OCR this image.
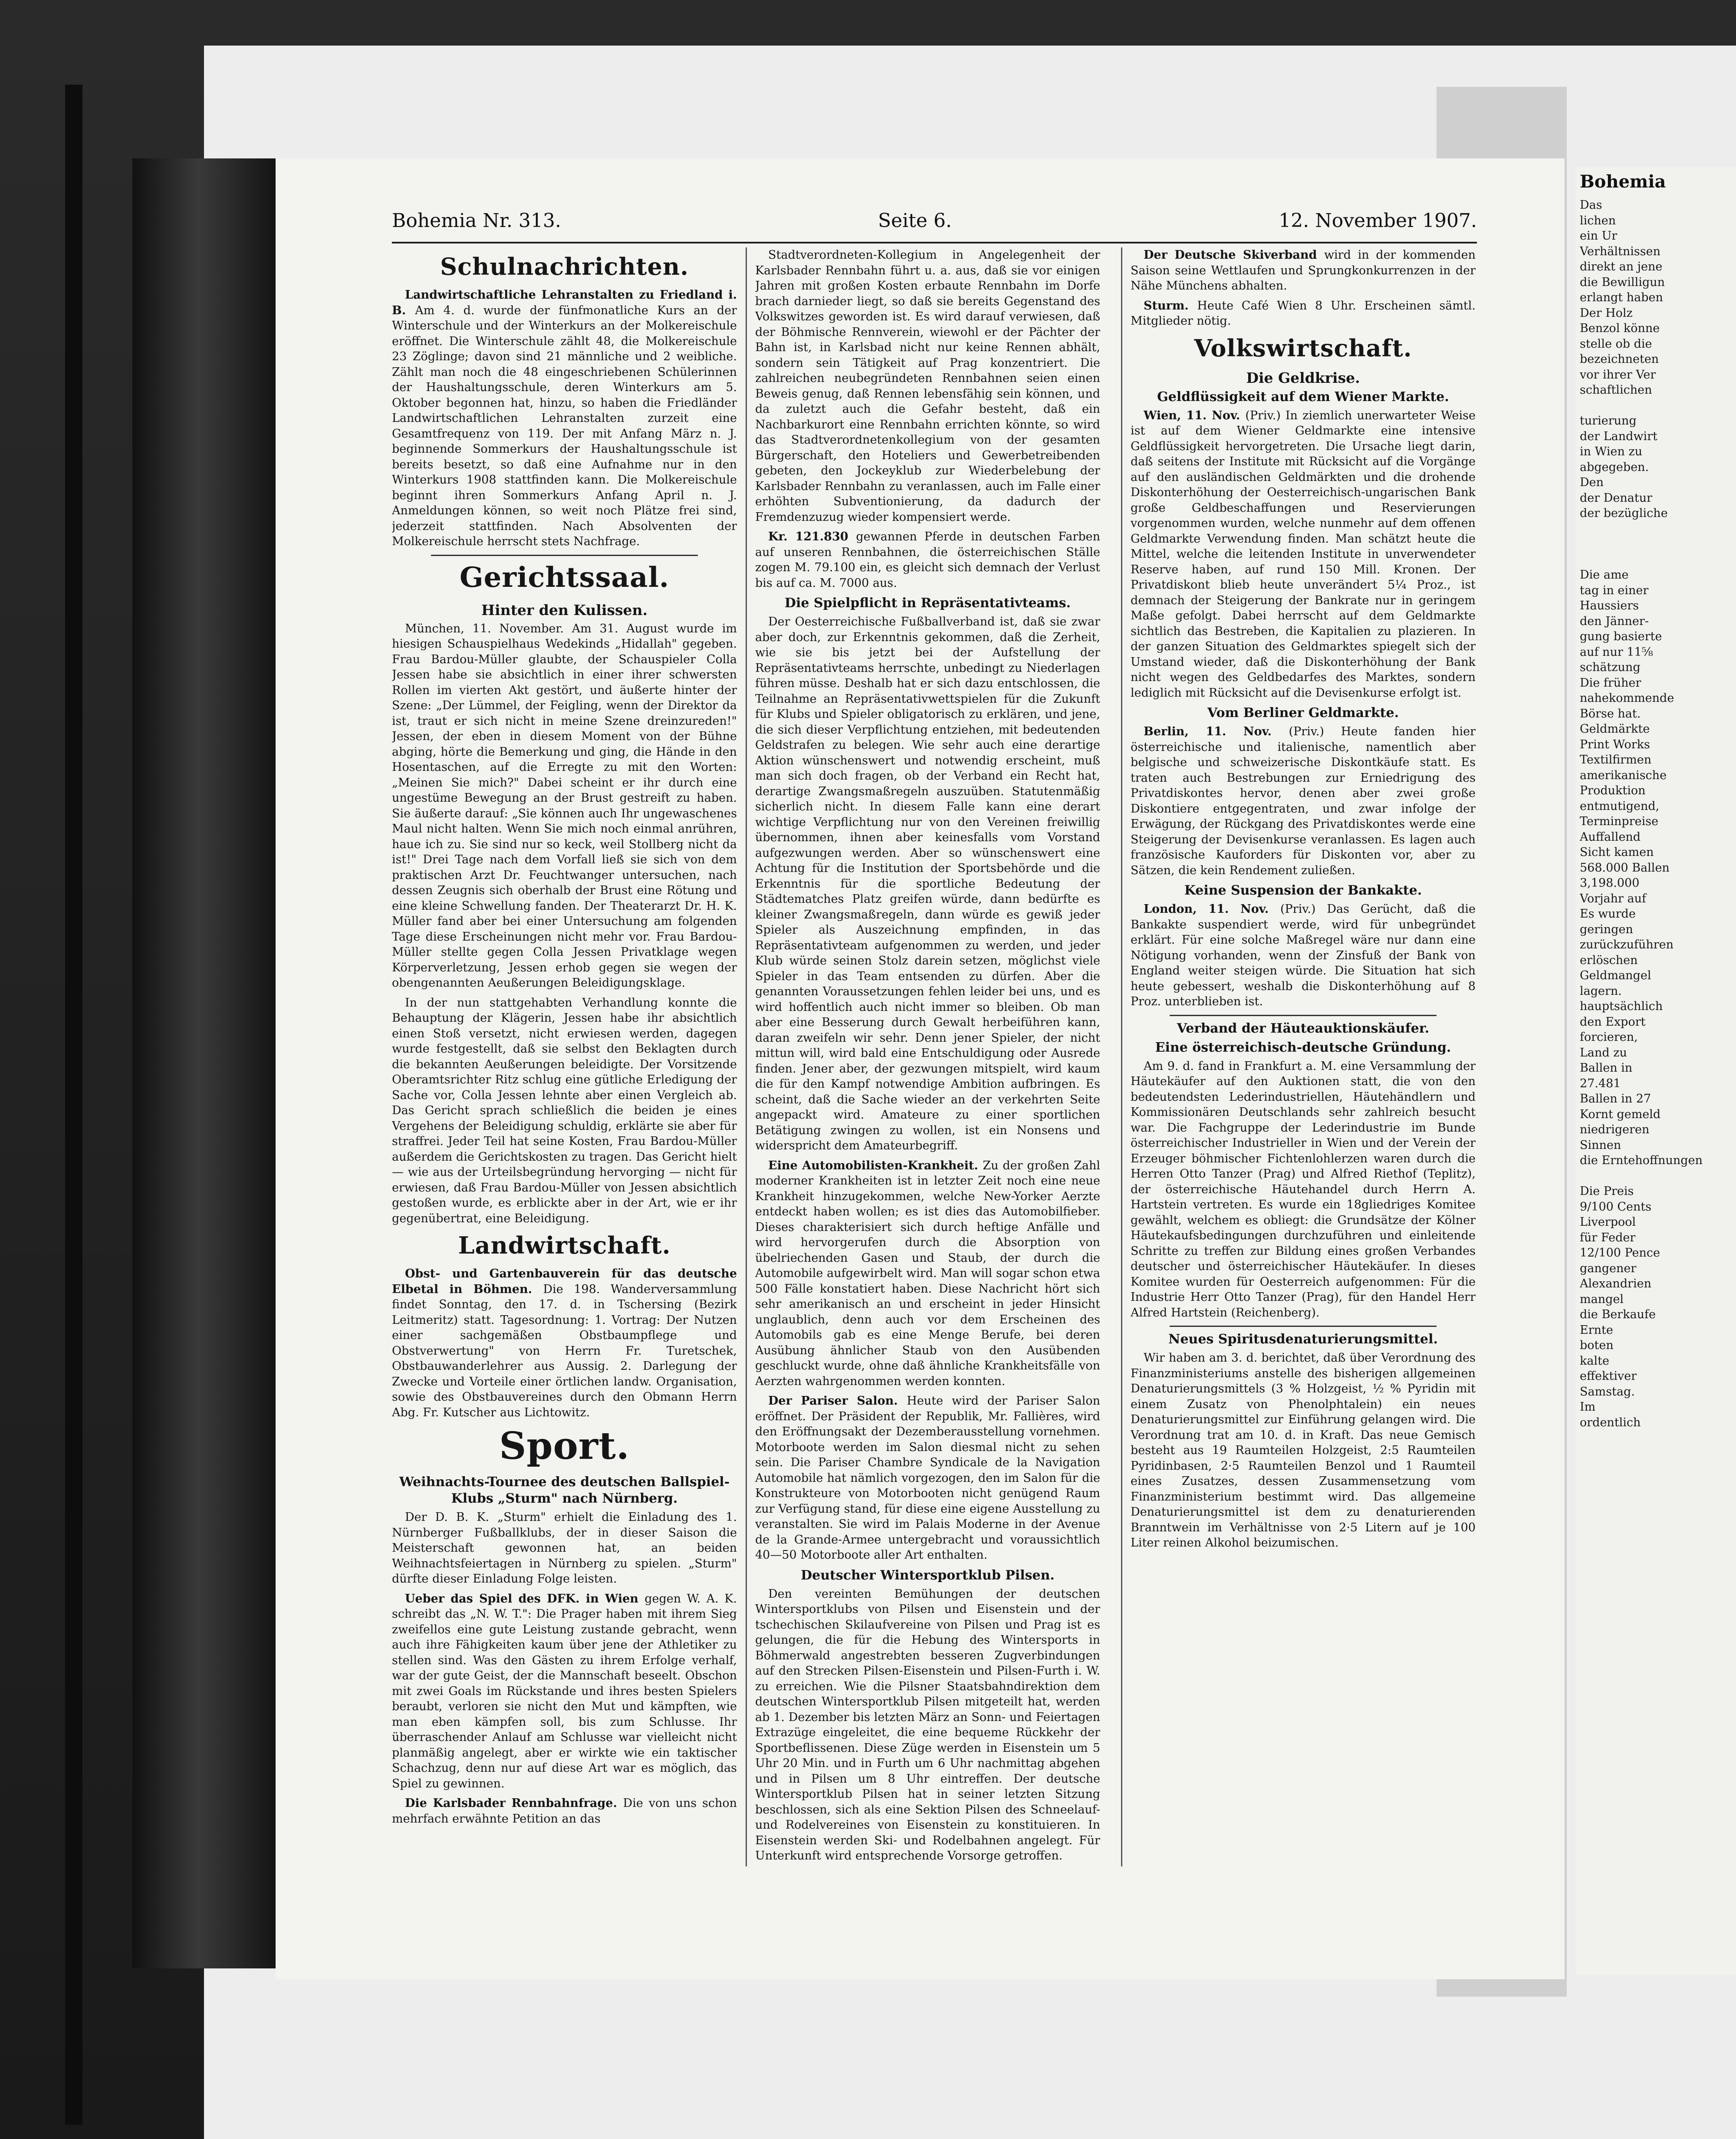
Bohemia Nr. 313.	Seite 6.	12. November 1907.
Schulnachrichten.

Landwirtschaftliche Lehranstalten zu Friedland i. B. Am 4. d. wurde der fünfmonatliche Kurs an der Winterschule und der Winterkurs an der Molkereischule eröffnet. Die Winterschule zählt 48, die Molkereischule 23 Zöglinge; davon sind 21 männliche und 2 weibliche. Zählt man noch die 48 eingeschriebenen Schülerinnen der Haushaltungsschule, deren Winterkurs am 5. Oktober begonnen hat, hinzu, so haben die Friedländer Landwirtschaftlichen Lehranstalten zurzeit eine Gesamtfrequenz von 119. Der mit Anfang März n. J. beginnende Sommerkurs der Haushaltungsschule ist bereits besetzt, so daß eine Aufnahme nur in den Winterkurs 1908 stattfinden kann. Die Molkereischule beginnt ihren Sommerkurs Anfang April n. J. Anmeldungen können, so weit noch Plätze frei sind, jederzeit stattfinden. Nach Absolventen der Molkereischule herrscht stets Nachfrage.

Gerichtssaal.
Hinter den Kulissen.

München, 11. November. Am 31. August wurde im hiesigen Schauspielhaus Wedekinds „Hidallah" gegeben. Frau Bardou-Müller glaubte, der Schauspieler Colla Jessen habe sie absichtlich in einer ihrer schwersten Rollen im vierten Akt gestört, und äußerte hinter der Szene: „Der Lümmel, der Feigling, wenn der Direktor da ist, traut er sich nicht in meine Szene dreinzureden!" Jessen, der eben in diesem Moment von der Bühne abging, hörte die Bemerkung und ging, die Hände in den Hosentaschen, auf die Erregte zu mit den Worten: „Meinen Sie mich?" Dabei scheint er ihr durch eine ungestüme Bewegung an der Brust gestreift zu haben. Sie äußerte darauf: „Sie können auch Ihr ungewaschenes Maul nicht halten. Wenn Sie mich noch einmal anrühren, haue ich zu. Sie sind nur so keck, weil Stollberg nicht da ist!" Drei Tage nach dem Vorfall ließ sie sich von dem praktischen Arzt Dr. Feuchtwanger untersuchen, nach dessen Zeugnis sich oberhalb der Brust eine Rötung und eine kleine Schwellung fanden. Der Theaterarzt Dr. H. K. Müller fand aber bei einer Untersuchung am folgenden Tage diese Erscheinungen nicht mehr vor. Frau Bardou-Müller stellte gegen Colla Jessen Privatklage wegen Körperverletzung, Jessen erhob gegen sie wegen der obengenannten Aeußerungen Beleidigungsklage.

In der nun stattgehabten Verhandlung konnte die Behauptung der Klägerin, Jessen habe ihr absichtlich einen Stoß versetzt, nicht erwiesen werden, dagegen wurde festgestellt, daß sie selbst den Beklagten durch die bekannten Aeußerungen beleidigte. Der Vorsitzende Oberamtsrichter Ritz schlug eine gütliche Erledigung der Sache vor, Colla Jessen lehnte aber einen Vergleich ab. Das Gericht sprach schließlich die beiden je eines Vergehens der Beleidigung schuldig, erklärte sie aber für straffrei. Jeder Teil hat seine Kosten, Frau Bardou-Müller außerdem die Gerichtskosten zu tragen. Das Gericht hielt — wie aus der Urteilsbegründung hervorging — nicht für erwiesen, daß Frau Bardou-Müller von Jessen absichtlich gestoßen wurde, es erblickte aber in der Art, wie er ihr gegenübertrat, eine Beleidigung.

Landwirtschaft.

Obst- und Gartenbauverein für das deutsche Elbetal in Böhmen. Die 198. Wanderversammlung findet Sonntag, den 17. d. in Tschersing (Bezirk Leitmeritz) statt. Tagesordnung: 1. Vortrag: Der Nutzen einer sachgemäßen Obstbaumpflege und Obstverwertung" von Herrn Fr. Turetschek, Obstbauwanderlehrer aus Aussig. 2. Darlegung der Zwecke und Vorteile einer örtlichen landw. Organisation, sowie des Obstbauvereines durch den Obmann Herrn Abg. Fr. Kutscher aus Lichtowitz.

Sport.
Weihnachts-Tournee des deutschen Ballspiel-Klubs „Sturm" nach Nürnberg.

Der D. B. K. „Sturm" erhielt die Einladung des 1. Nürnberger Fußballklubs, der in dieser Saison die Meisterschaft gewonnen hat, an beiden Weihnachtsfeiertagen in Nürnberg zu spielen. „Sturm" dürfte dieser Einladung Folge leisten.

Ueber das Spiel des DFK. in Wien gegen W. A. K. schreibt das „N. W. T.": Die Prager haben mit ihrem Sieg zweifellos eine gute Leistung zustande gebracht, wenn auch ihre Fähigkeiten kaum über jene der Athletiker zu stellen sind. Was den Gästen zu ihrem Erfolge verhalf, war der gute Geist, der die Mannschaft beseelt. Obschon mit zwei Goals im Rückstande und ihres besten Spielers beraubt, verloren sie nicht den Mut und kämpften, wie man eben kämpfen soll, bis zum Schlusse. Ihr überraschender Anlauf am Schlusse war vielleicht nicht planmäßig angelegt, aber er wirkte wie ein taktischer Schachzug, denn nur auf diese Art war es möglich, das Spiel zu gewinnen.

Die Karlsbader Rennbahnfrage. Die von uns schon mehrfach erwähnte Petition an das

Stadtverordneten-Kollegium in Angelegenheit der Karlsbader Rennbahn führt u. a. aus, daß sie vor einigen Jahren mit großen Kosten erbaute Rennbahn im Dorfe brach darnieder liegt, so daß sie bereits Gegenstand des Volkswitzes geworden ist. Es wird darauf verwiesen, daß der Böhmische Rennverein, wiewohl er der Pächter der Bahn ist, in Karlsbad nicht nur keine Rennen abhält, sondern sein Tätigkeit auf Prag konzentriert. Die zahlreichen neubegründeten Rennbahnen seien einen Beweis genug, daß Rennen lebensfähig sein können, und da zuletzt auch die Gefahr besteht, daß ein Nachbarkurort eine Rennbahn errichten könnte, so wird das Stadtverordnetenkollegium von der gesamten Bürgerschaft, den Hoteliers und Gewerbetreibenden gebeten, den Jockeyklub zur Wiederbelebung der Karlsbader Rennbahn zu veranlassen, auch im Falle einer erhöhten Subventionierung, da dadurch der Fremdenzuzug wieder kompensiert werde.

Kr. 121.830 gewannen Pferde in deutschen Farben auf unseren Rennbahnen, die österreichischen Ställe zogen M. 79.100 ein, es gleicht sich demnach der Verlust bis auf ca. M. 7000 aus.

Die Spielpflicht in Repräsentativteams.

Der Oesterreichische Fußballverband ist, daß sie zwar aber doch, zur Erkenntnis gekommen, daß die Zerheit, wie sie bis jetzt bei der Aufstellung der Repräsentativteams herrschte, unbedingt zu Niederlagen führen müsse. Deshalb hat er sich dazu entschlossen, die Teilnahme an Repräsentativwettspielen für die Zukunft für Klubs und Spieler obligatorisch zu erklären, und jene, die sich dieser Verpflichtung entziehen, mit bedeutenden Geldstrafen zu belegen. Wie sehr auch eine derartige Aktion wünschenswert und notwendig erscheint, muß man sich doch fragen, ob der Verband ein Recht hat, derartige Zwangsmaßregeln auszuüben. Statutenmäßig sicherlich nicht. In diesem Falle kann eine derart wichtige Verpflichtung nur von den Vereinen freiwillig übernommen, ihnen aber keinesfalls vom Vorstand aufgezwungen werden. Aber so wünschenswert eine Achtung für die Institution der Sportsbehörde und die Erkenntnis für die sportliche Bedeutung der Städtematches Platz greifen würde, dann bedürfte es kleiner Zwangsmaßregeln, dann würde es gewiß jeder Spieler als Auszeichnung empfinden, in das Repräsentativteam aufgenommen zu werden, und jeder Klub würde seinen Stolz darein setzen, möglichst viele Spieler in das Team entsenden zu dürfen. Aber die genannten Voraussetzungen fehlen leider bei uns, und es wird hoffentlich auch nicht immer so bleiben. Ob man aber eine Besserung durch Gewalt herbeiführen kann, daran zweifeln wir sehr. Denn jener Spieler, der nicht mittun will, wird bald eine Entschuldigung oder Ausrede finden. Jener aber, der gezwungen mitspielt, wird kaum die für den Kampf notwendige Ambition aufbringen. Es scheint, daß die Sache wieder an der verkehrten Seite angepackt wird. Amateure zu einer sportlichen Betätigung zwingen zu wollen, ist ein Nonsens und widerspricht dem Amateurbegriff.

Eine Automobilisten-Krankheit. Zu der großen Zahl moderner Krankheiten ist in letzter Zeit noch eine neue Krankheit hinzugekommen, welche New-Yorker Aerzte entdeckt haben wollen; es ist dies das Automobilfieber. Dieses charakterisiert sich durch heftige Anfälle und wird hervorgerufen durch die Absorption von übelriechenden Gasen und Staub, der durch die Automobile aufgewirbelt wird. Man will sogar schon etwa 500 Fälle konstatiert haben. Diese Nachricht hört sich sehr amerikanisch an und erscheint in jeder Hinsicht unglaublich, denn auch vor dem Erscheinen des Automobils gab es eine Menge Berufe, bei deren Ausübung ähnlicher Staub von den Ausübenden geschluckt wurde, ohne daß ähnliche Krankheitsfälle von Aerzten wahrgenommen werden konnten.

Der Pariser Salon. Heute wird der Pariser Salon eröffnet. Der Präsident der Republik, Mr. Fallières, wird den Eröffnungsakt der Dezemberausstellung vornehmen. Motorboote werden im Salon diesmal nicht zu sehen sein. Die Pariser Chambre Syndicale de la Navigation Automobile hat nämlich vorgezogen, den im Salon für die Konstrukteure von Motorbooten nicht genügend Raum zur Verfügung stand, für diese eine eigene Ausstellung zu veranstalten. Sie wird im Palais Moderne in der Avenue de la Grande-Armee untergebracht und voraussichtlich 40—50 Motorboote aller Art enthalten.

Deutscher Wintersportklub Pilsen.

Den vereinten Bemühungen der deutschen Wintersportklubs von Pilsen und Eisenstein und der tschechischen Skilaufvereine von Pilsen und Prag ist es gelungen, die für die Hebung des Wintersports in Böhmerwald angestrebten besseren Zugverbindungen auf den Strecken Pilsen-Eisenstein und Pilsen-Furth i. W. zu erreichen. Wie die Pilsner Staatsbahndirektion dem deutschen Wintersportklub Pilsen mitgeteilt hat, werden ab 1. Dezember bis letzten März an Sonn- und Feiertagen Extrazüge eingeleitet, die eine bequeme Rückkehr der Sportbeflissenen. Diese Züge werden in Eisenstein um 5 Uhr 20 Min. und in Furth um 6 Uhr nachmittag abgehen und in Pilsen um 8 Uhr eintreffen. Der deutsche Wintersportklub Pilsen hat in seiner letzten Sitzung beschlossen, sich als eine Sektion Pilsen des Schneelauf- und Rodelvereines von Eisenstein zu konstituieren. In Eisenstein werden Ski- und Rodelbahnen angelegt. Für Unterkunft wird entsprechende Vorsorge getroffen.

Der Deutsche Skiverband wird in der kommenden Saison seine Wettlaufen und Sprungkonkurrenzen in der Nähe Münchens abhalten.

Sturm. Heute Café Wien 8 Uhr. Erscheinen sämtl. Mitglieder nötig.

Volkswirtschaft.
Die Geldkrise.
Geldflüssigkeit auf dem Wiener Markte.

Wien, 11. Nov. (Priv.) In ziemlich unerwarteter Weise ist auf dem Wiener Geldmarkte eine intensive Geldflüssigkeit hervorgetreten. Die Ursache liegt darin, daß seitens der Institute mit Rücksicht auf die Vorgänge auf den ausländischen Geldmärkten und die drohende Diskonterhöhung der Oesterreichisch-ungarischen Bank große Geldbeschaffungen und Reservierungen vorgenommen wurden, welche nunmehr auf dem offenen Geldmarkte Verwendung finden. Man schätzt heute die Mittel, welche die leitenden Institute in unverwendeter Reserve haben, auf rund 150 Mill. Kronen. Der Privatdiskont blieb heute unverändert 5¼ Proz., ist demnach der Steigerung der Bankrate nur in geringem Maße gefolgt. Dabei herrscht auf dem Geldmarkte sichtlich das Bestreben, die Kapitalien zu plazieren. In der ganzen Situation des Geldmarktes spiegelt sich der Umstand wieder, daß die Diskonterhöhung der Bank nicht wegen des Geldbedarfes des Marktes, sondern lediglich mit Rücksicht auf die Devisenkurse erfolgt ist.

Vom Berliner Geldmarkte.

Berlin, 11. Nov. (Priv.) Heute fanden hier österreichische und italienische, namentlich aber belgische und schweizerische Diskontkäufe statt. Es traten auch Bestrebungen zur Erniedrigung des Privatdiskontes hervor, denen aber zwei große Diskontiere entgegentraten, und zwar infolge der Erwägung, der Rückgang des Privatdiskontes werde eine Steigerung der Devisenkurse veranlassen. Es lagen auch französische Kauforders für Diskonten vor, aber zu Sätzen, die kein Rendement zuließen.

Keine Suspension der Bankakte.

London, 11. Nov. (Priv.) Das Gerücht, daß die Bankakte suspendiert werde, wird für unbegründet erklärt. Für eine solche Maßregel wäre nur dann eine Nötigung vorhanden, wenn der Zinsfuß der Bank von England weiter steigen würde. Die Situation hat sich heute gebessert, weshalb die Diskonterhöhung auf 8 Proz. unterblieben ist.

Verband der Häuteauktionskäufer.
Eine österreichisch-deutsche Gründung.

Am 9. d. fand in Frankfurt a. M. eine Versammlung der Häutekäufer auf den Auktionen statt, die von den bedeutendsten Lederindustriellen, Häutehändlern und Kommissionären Deutschlands sehr zahlreich besucht war. Die Fachgruppe der Lederindustrie im Bunde österreichischer Industrieller in Wien und der Verein der Erzeuger böhmischer Fichtenlohlerzen waren durch die Herren Otto Tanzer (Prag) und Alfred Riethof (Teplitz), der österreichische Häutehandel durch Herrn A. Hartstein vertreten. Es wurde ein 18gliedriges Komitee gewählt, welchem es obliegt: die Grundsätze der Kölner Häutekaufsbedingungen durchzuführen und einleitende Schritte zu treffen zur Bildung eines großen Verbandes deutscher und österreichischer Häutekäufer. In dieses Komitee wurden für Oesterreich aufgenommen: Für die Industrie Herr Otto Tanzer (Prag), für den Handel Herr Alfred Hartstein (Reichenberg).

Neues Spiritusdenaturierungsmittel.

Wir haben am 3. d. berichtet, daß über Verordnung des Finanzministeriums anstelle des bisherigen allgemeinen Denaturierungsmittels (3 % Holzgeist, ½ % Pyridin mit einem Zusatz von Phenolphtalein) ein neues Denaturierungsmittel zur Einführung gelangen wird. Die Verordnung trat am 10. d. in Kraft. Das neue Gemisch besteht aus 19 Raumteilen Holzgeist, 2:5 Raumteilen Pyridinbasen, 2·5 Raumteilen Benzol und 1 Raumteil eines Zusatzes, dessen Zusammensetzung vom Finanzministerium bestimmt wird. Das allgemeine Denaturierungsmittel ist dem zu denaturierenden Branntwein im Verhältnisse von 2·5 Litern auf je 100 Liter reinen Alkohol beizumischen.

Bohemia
Das
lichen
ein Ur
Verhältnissen
direkt an jene
die Bewilligun
erlangt haben
Der Holz
Benzol könne
stelle ob die
bezeichneten
vor ihrer Ver
schaftlichen

turierung
der Landwirt
in Wien zu
abgegeben.
Den
der Denatur
der bezügliche

Die ame
tag in einer
Haussiers
den Jänner-
gung basierte
auf nur 11⅝
schätzung
Die früher
nahekommende
Börse hat.
Geldmärkte
Print Works
Textilfirmen
amerikanische
Produktion
entmutigend,
Terminpreise
Auffallend
Sicht kamen
568.000 Ballen
3,198.000
Vorjahr auf
Es wurde
geringen
zurückzuführen
erlöschen
Geldmangel
lagern.
hauptsächlich
den Export
forcieren,
Land zu
Ballen in
27.481
Ballen in 27
Kornt gemeld
niedrigeren
Sinnen
die Erntehoffnungen

Die Preis
9/100 Cents
Liverpool
für Feder
12/100 Pence
gangener
Alexandrien
mangel
die Berkaufe
Ernte
boten
kalte
effektiver
Samstag.
Im
ordentlich
